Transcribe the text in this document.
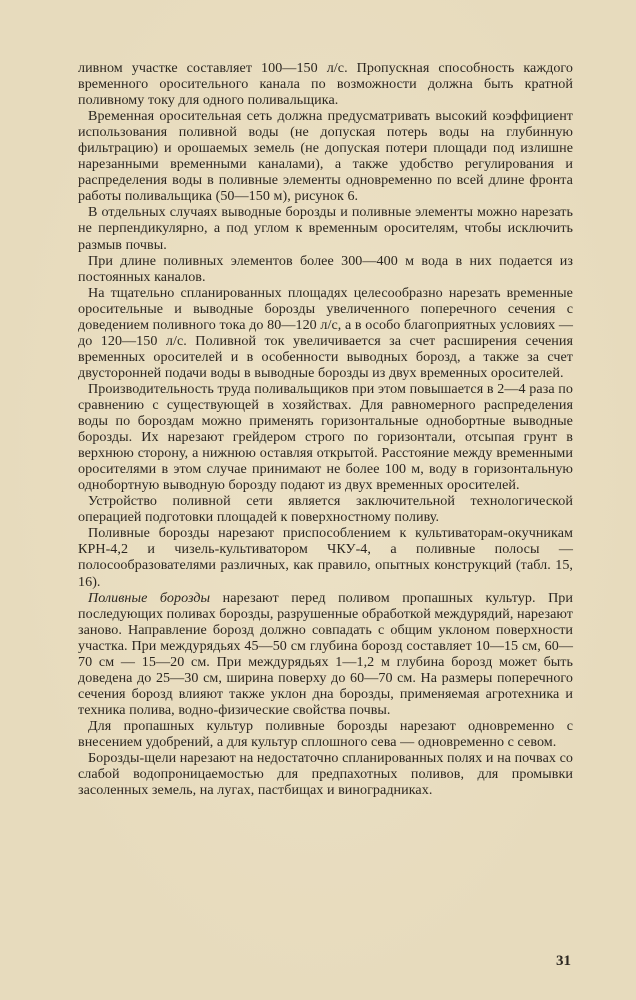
ливном участке составляет 100—150 л/с. Пропускная способность каждого временного оросительного канала по возможности должна быть кратной поливному току для одного поливальщика.

Временная оросительная сеть должна предусматривать высокий коэффициент использования поливной воды (не допуская потерь воды на глубинную фильтрацию) и орошаемых земель (не допуская потери площади под излишне нарезанными временными каналами), а также удобство регулирования и распределения воды в поливные элементы одновременно по всей длине фронта работы поливальщика (50—150 м), рисунок 6.

В отдельных случаях выводные борозды и поливные элементы можно нарезать не перпендикулярно, а под углом к временным оросителям, чтобы исключить размыв почвы.

При длине поливных элементов более 300—400 м вода в них подается из постоянных каналов.

На тщательно спланированных площадях целесообразно нарезать временные оросительные и выводные борозды увеличенного поперечного сечения с доведением поливного тока до 80—120 л/с, а в особо благоприятных условиях — до 120—150 л/с. Поливной ток увеличивается за счет расширения сечения временных оросителей и в особенности выводных борозд, а также за счет двусторонней подачи воды в выводные борозды из двух временных оросителей.

Производительность труда поливальщиков при этом повышается в 2—4 раза по сравнению с существующей в хозяйствах. Для равномерного распределения воды по бороздам можно применять горизонтальные однобортные выводные борозды. Их нарезают грейдером строго по горизонтали, отсыпая грунт в верхнюю сторону, а нижнюю оставляя открытой. Расстояние между временными оросителями в этом случае принимают не более 100 м, воду в горизонтальную однобортную выводную борозду подают из двух временных оросителей.

Устройство поливной сети является заключительной технологической операцией подготовки площадей к поверхностному поливу.

Поливные борозды нарезают приспособлением к культиваторам-окучникам КРН-4,2 и чизель-культиватором ЧКУ-4, а поливные полосы — полосообразователями различных, как правило, опытных конструкций (табл. 15, 16).

Поливные борозды нарезают перед поливом пропашных культур. При последующих поливах борозды, разрушенные обработкой междурядий, нарезают заново. Направление борозд должно совпадать с общим уклоном поверхности участка. При междурядьях 45—50 см глубина борозд составляет 10—15 см, 60—70 см — 15—20 см. При междурядьях 1—1,2 м глубина борозд может быть доведена до 25—30 см, ширина поверху до 60—70 см. На размеры поперечного сечения борозд влияют также уклон дна борозды, применяемая агротехника и техника полива, водно-физические свойства почвы.

Для пропашных культур поливные борозды нарезают одновременно с внесением удобрений, а для культур сплошного сева — одновременно с севом.

Борозды-щели нарезают на недостаточно спланированных полях и на почвах со слабой водопроницаемостью для предпахотных поливов, для промывки засоленных земель, на лугах, пастбищах и виноградниках.

31
